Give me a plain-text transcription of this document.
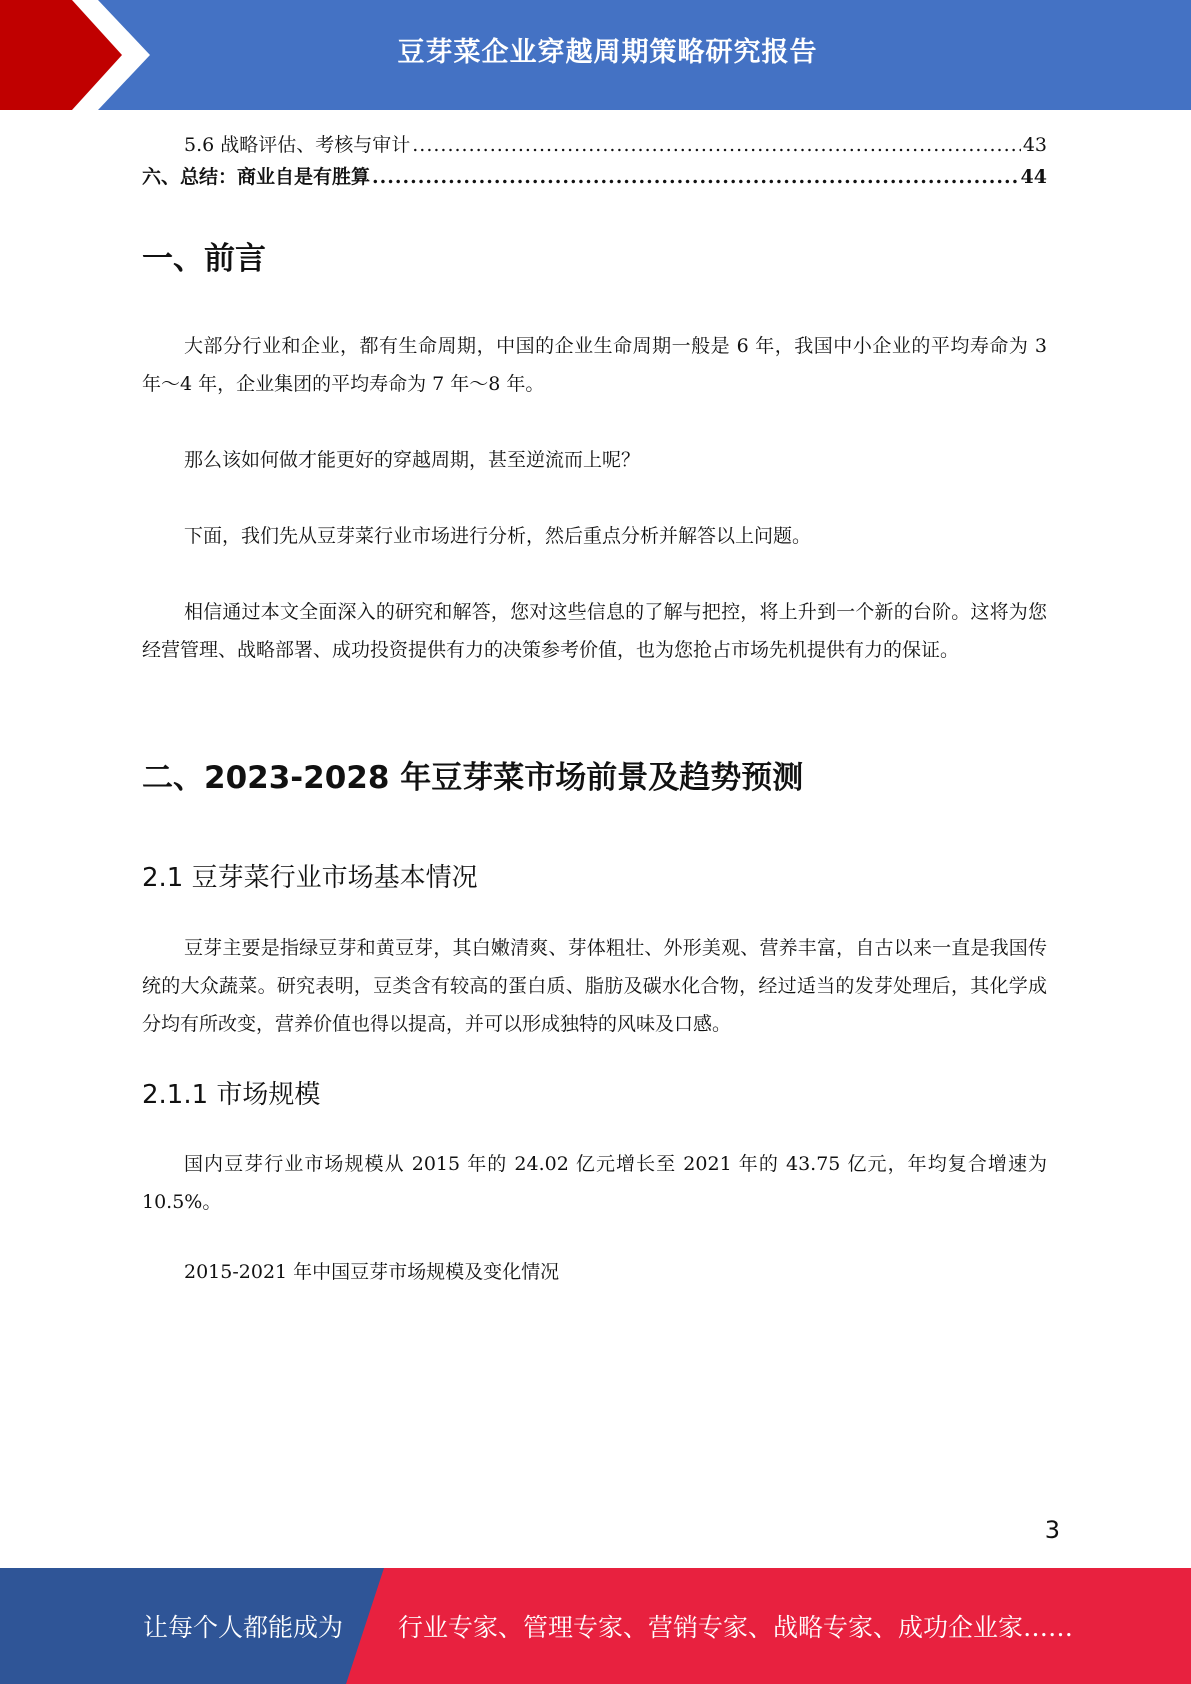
豆芽菜企业穿越周期策略研究报告
5.6 战略评估、考核与审计 .....	43
六、总结：商业自是有胜算 .....	44
一、前言
大部分行业和企业，都有生命周期，中国的企业生命周期一般是 6 年，我国中小企业的平均寿命为 3 年～4 年，企业集团的平均寿命为 7 年～8 年。
那么该如何做才能更好的穿越周期，甚至逆流而上呢？
下面，我们先从豆芽菜行业市场进行分析，然后重点分析并解答以上问题。
相信通过本文全面深入的研究和解答，您对这些信息的了解与把控，将上升到一个新的台阶。这将为您经营管理、战略部署、成功投资提供有力的决策参考价值，也为您抢占市场先机提供有力的保证。
二、2023-2028 年豆芽菜市场前景及趋势预测
2.1 豆芽菜行业市场基本情况
豆芽主要是指绿豆芽和黄豆芽，其白嫩清爽、芽体粗壮、外形美观、营养丰富，自古以来一直是我国传统的大众蔬菜。研究表明，豆类含有较高的蛋白质、脂肪及碳水化合物，经过适当的发芽处理后，其化学成分均有所改变，营养价值也得以提高，并可以形成独特的风味及口感。
2.1.1 市场规模
国内豆芽行业市场规模从 2015 年的 24.02 亿元增长至 2021 年的 43.75 亿元，年均复合增速为10.5%。
2015-2021 年中国豆芽市场规模及变化情况
3
让每个人都能成为 行业专家、管理专家、营销专家、战略专家、成功企业家……
